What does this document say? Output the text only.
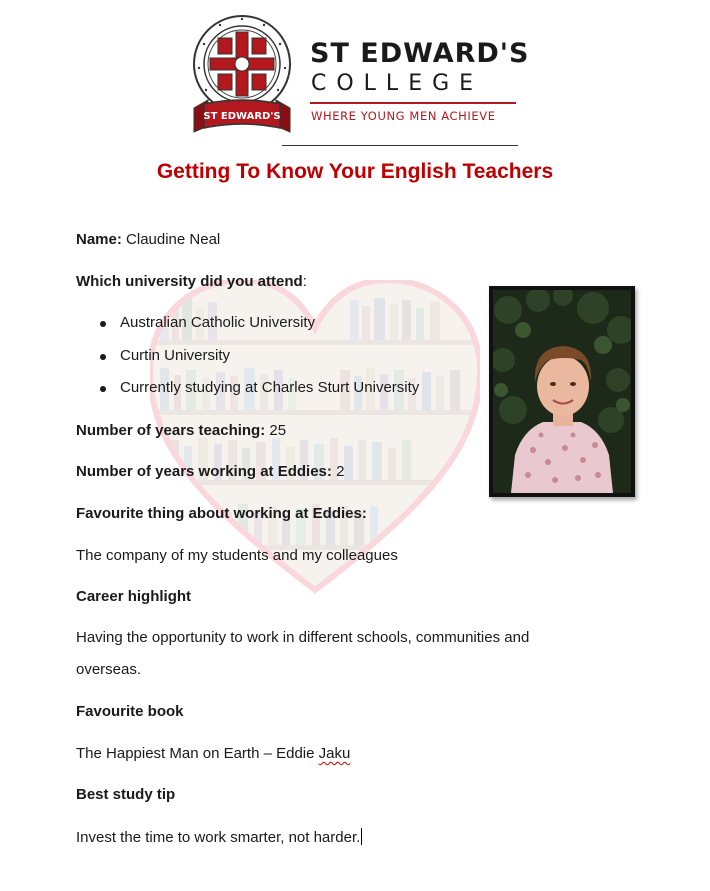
ST EDWARD'S
ST EDWARD'S
COLLEGE
WHERE YOUNG MEN ACHIEVE
Getting To Know Your English Teachers
Name: Claudine Neal
Which university did you attend:
Australian Catholic University
Curtin University
Currently studying at Charles Sturt University
Number of years teaching: 25
Number of years working at Eddies: 2
Favourite thing about working at Eddies:
The company of my students and my colleagues
Career highlight
Having the opportunity to work in different schools, communities and
overseas.
Favourite book
The Happiest Man on Earth – Eddie Jaku
Best study tip
Invest the time to work smarter, not harder.
